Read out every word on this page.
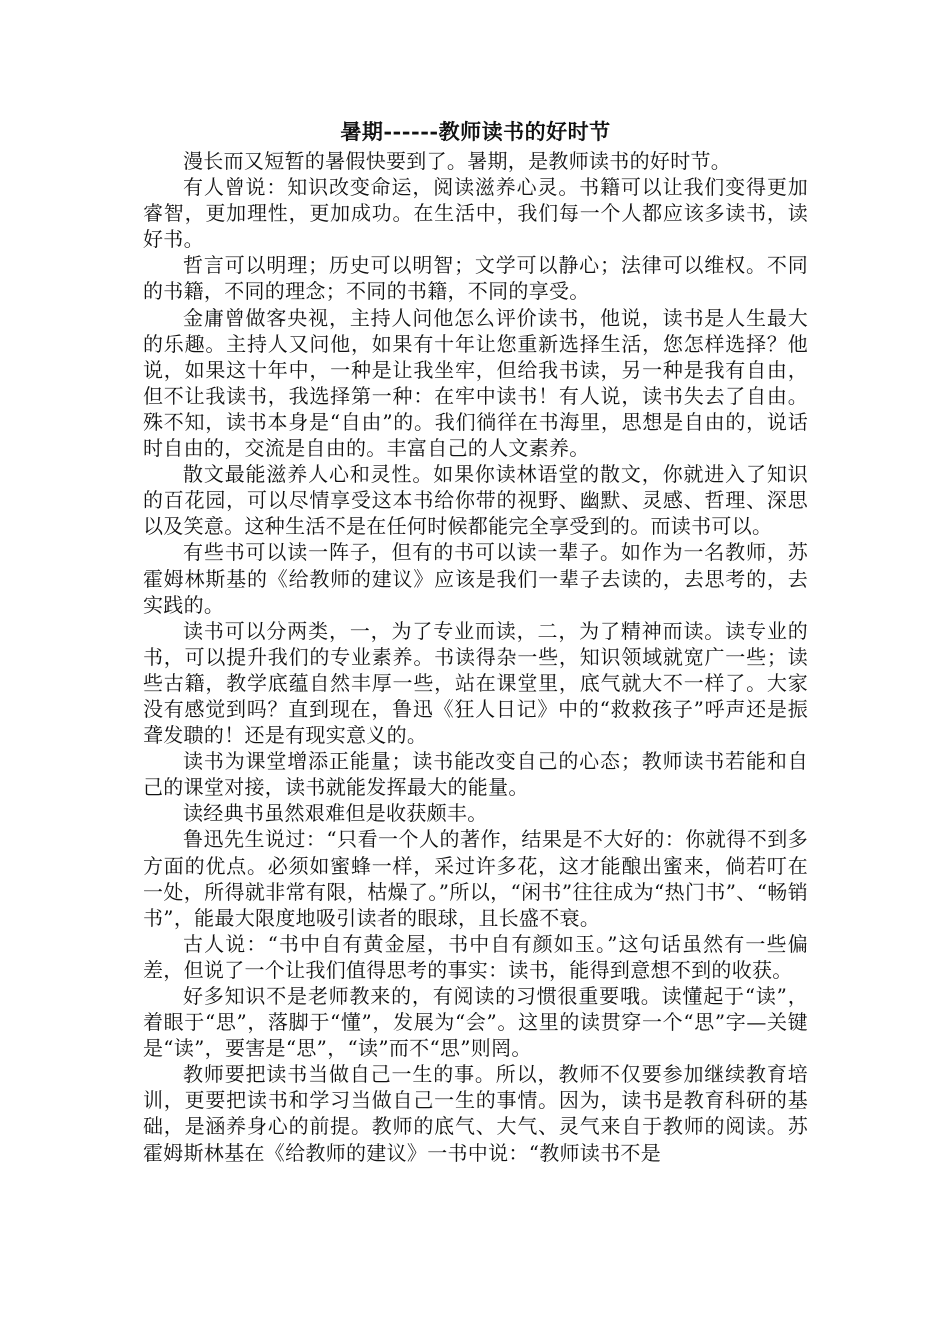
暑期------教师读书的好时节

漫长而又短暂的暑假快要到了。暑期，是教师读书的好时节。

有人曾说：知识改变命运，阅读滋养心灵。书籍可以让我们变得更加睿智，更加理性，更加成功。在生活中，我们每一个人都应该多读书，读好书。

哲言可以明理；历史可以明智；文学可以静心；法律可以维权。不同的书籍，不同的理念；不同的书籍，不同的享受。

金庸曾做客央视，主持人问他怎么评价读书，他说，读书是人生最大的乐趣。主持人又问他，如果有十年让您重新选择生活，您怎样选择？他说，如果这十年中，一种是让我坐牢，但给我书读，另一种是我有自由，但不让我读书，我选择第一种：在牢中读书！有人说，读书失去了自由。殊不知，读书本身是“自由”的。我们徜徉在书海里，思想是自由的，说话时自由的，交流是自由的。丰富自己的人文素养。

散文最能滋养人心和灵性。如果你读林语堂的散文，你就进入了知识的百花园，可以尽情享受这本书给你带的视野、幽默、灵感、哲理、深思以及笑意。这种生活不是在任何时候都能完全享受到的。而读书可以。

有些书可以读一阵子，但有的书可以读一辈子。如作为一名教师，苏霍姆林斯基的《给教师的建议》应该是我们一辈子去读的，去思考的，去实践的。

读书可以分两类，一，为了专业而读，二，为了精神而读。读专业的书，可以提升我们的专业素养。书读得杂一些，知识领域就宽广一些；读些古籍，教学底蕴自然丰厚一些，站在课堂里，底气就大不一样了。大家没有感觉到吗？直到现在，鲁迅《狂人日记》中的“救救孩子”呼声还是振聋发聩的！还是有现实意义的。

读书为课堂增添正能量；读书能改变自己的心态；教师读书若能和自己的课堂对接，读书就能发挥最大的能量。

读经典书虽然艰难但是收获颇丰。

鲁迅先生说过：“只看一个人的著作，结果是不大好的：你就得不到多方面的优点。必须如蜜蜂一样，采过许多花，这才能酿出蜜来，倘若叮在一处，所得就非常有限，枯燥了。”所以，“闲书”往往成为“热门书”、“畅销书”，能最大限度地吸引读者的眼球，且长盛不衰。

古人说：“书中自有黄金屋，书中自有颜如玉。”这句话虽然有一些偏差，但说了一个让我们值得思考的事实：读书，能得到意想不到的收获。

好多知识不是老师教来的，有阅读的习惯很重要哦。读懂起于“读”，着眼于“思”，落脚于“懂”，发展为“会”。这里的读贯穿一个“思”字—关键是“读”，要害是“思”，“读”而不“思”则罔。

教师要把读书当做自己一生的事。所以，教师不仅要参加继续教育培训，更要把读书和学习当做自己一生的事情。因为，读书是教育科研的基础，是涵养身心的前提。教师的底气、大气、灵气来自于教师的阅读。苏霍姆斯林基在《给教师的建议》一书中说：“教师读书不是
